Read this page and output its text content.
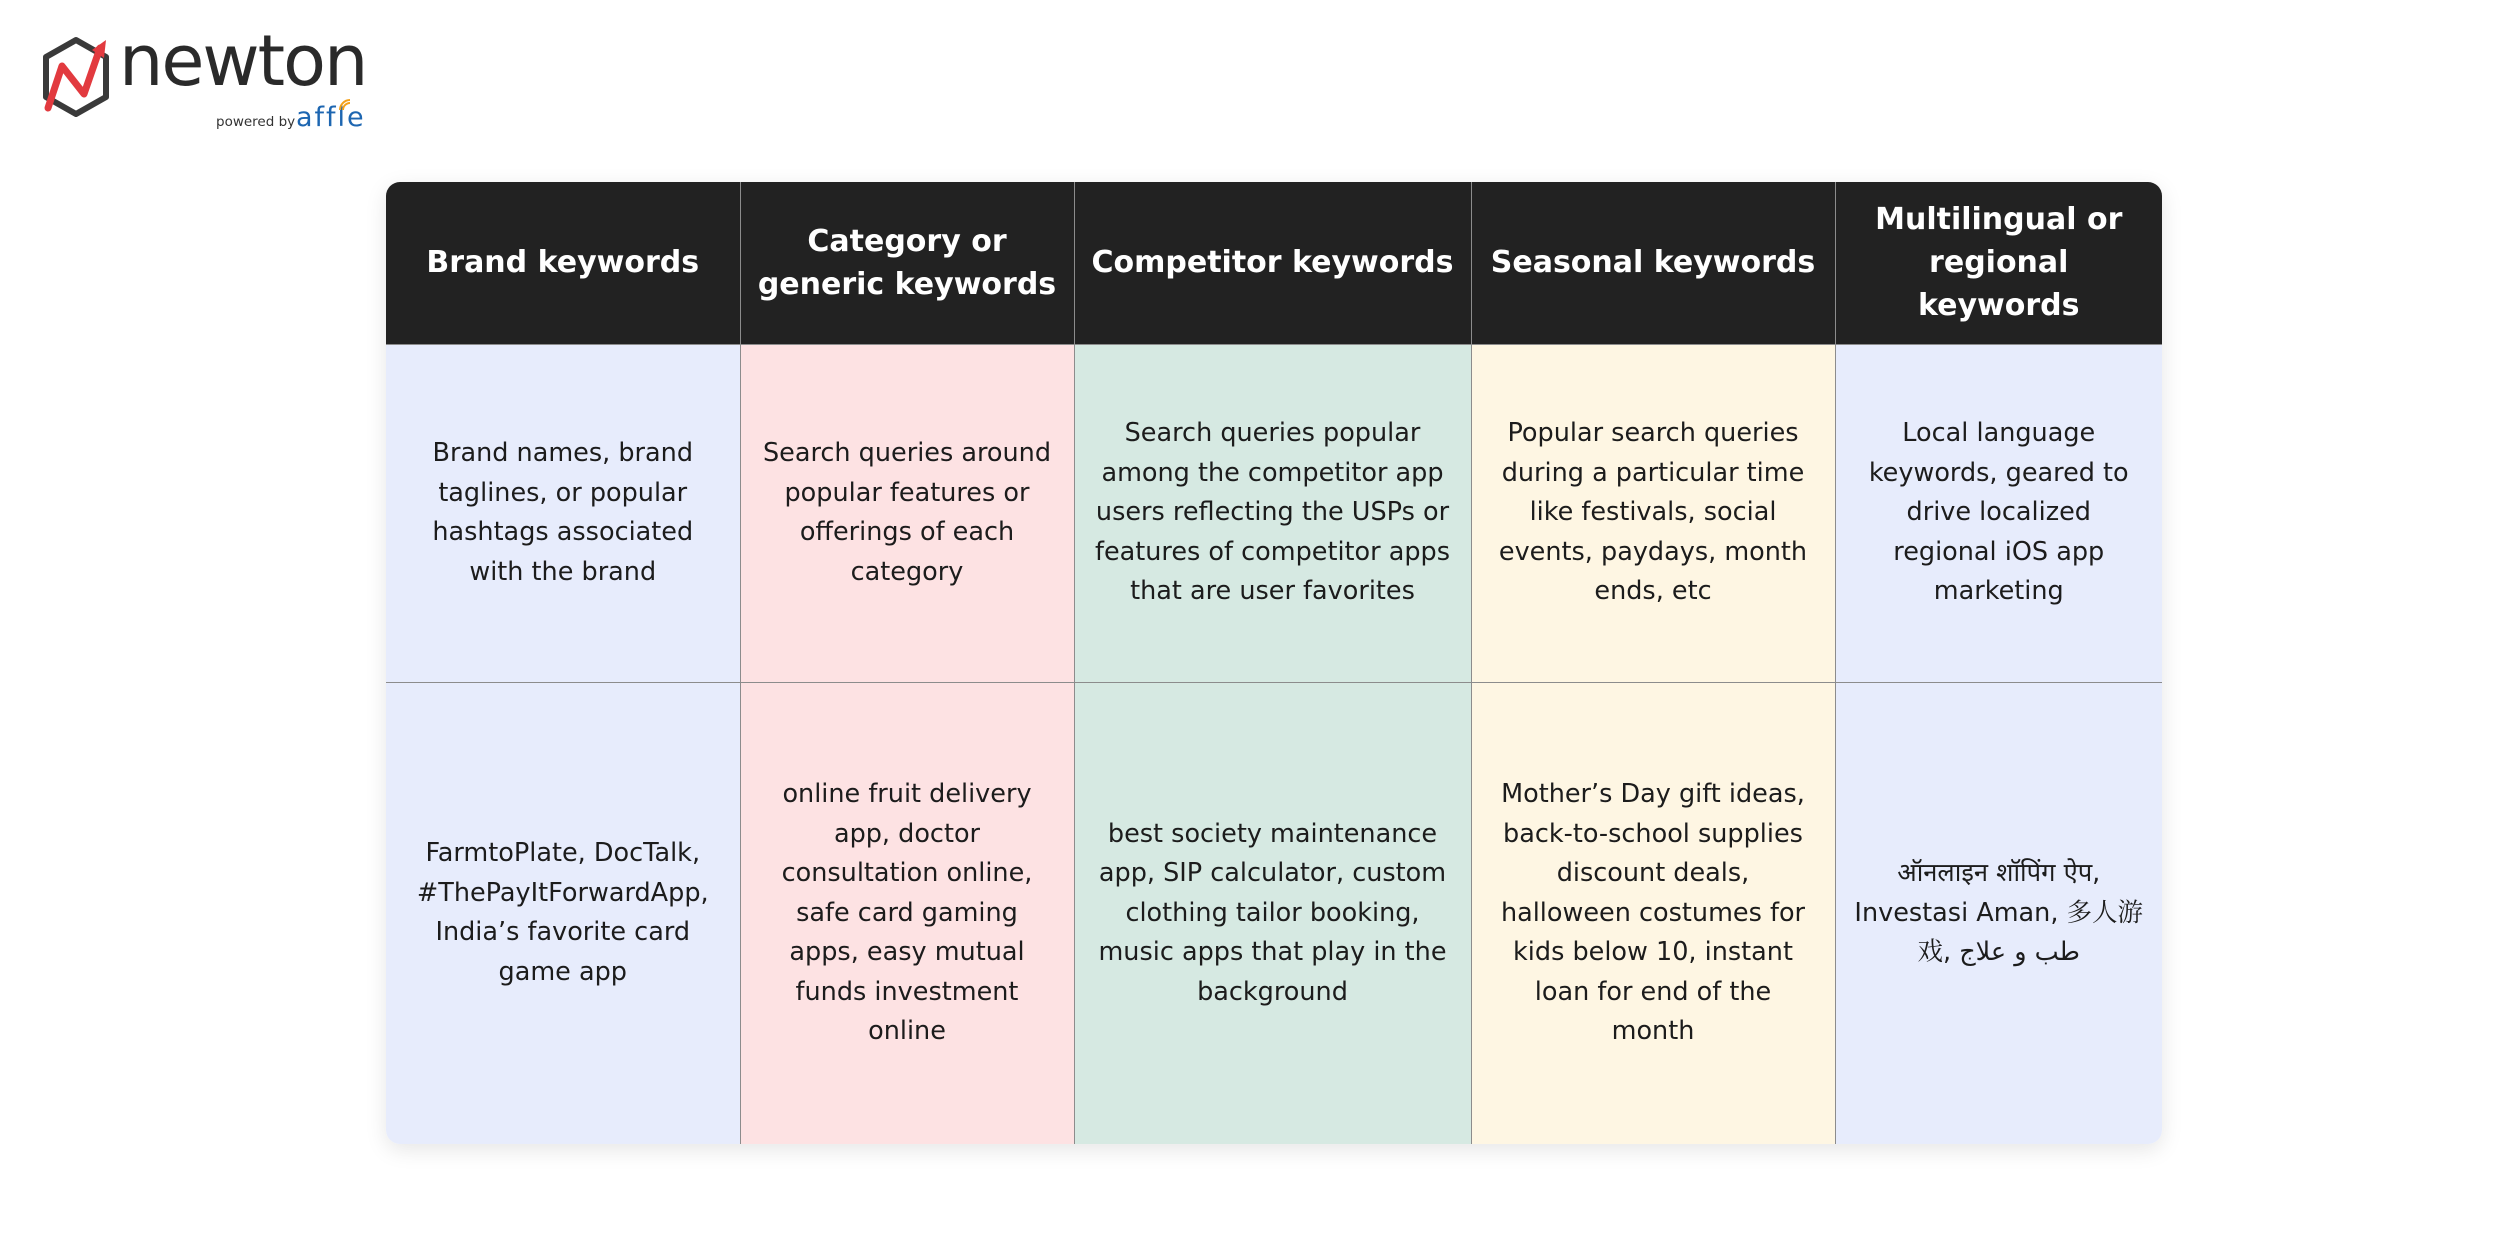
newton
powered by affle
Brand keywords	Category or generic keywords	Competitor keywords	Seasonal keywords	Multilingual or regional keywords
Brand names, brand taglines, or popular hashtags associated with the brand	Search queries around popular features or offerings of each category	Search queries popular among the competitor app users reflecting the USPs or features of competitor apps that are user favorites	Popular search queries during a particular time like festivals, social events, paydays, month ends, etc	Local language keywords, geared to drive localized regional iOS app marketing
FarmtoPlate, DocTalk, #ThePayItForwardApp, India’s favorite card game app	online fruit delivery app, doctor consultation online, safe card gaming apps, easy mutual funds investment online	best society maintenance app, SIP calculator, custom clothing tailor booking, music apps that play in the background	Mother’s Day gift ideas, back-to-school supplies discount deals, halloween costumes for kids below 10, instant loan for end of the month	ऑनलाइन शॉपिंग ऐप, Investasi Aman, 多人游戏, طب و علاج
